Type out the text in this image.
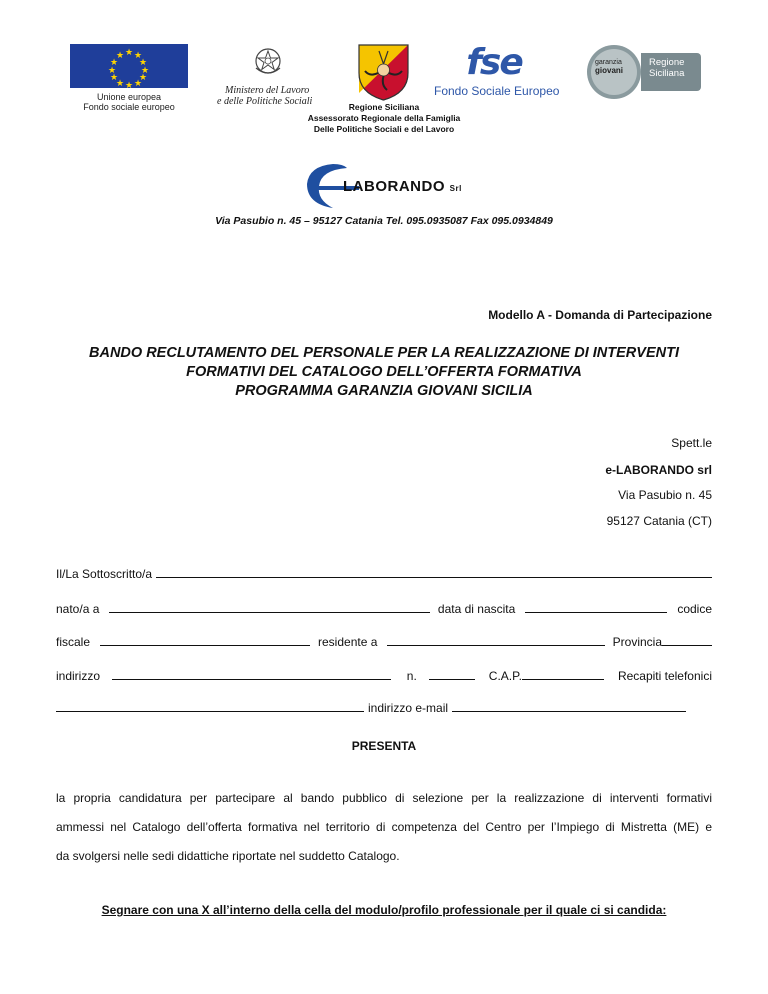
★ ★
★
★
★
★
★
★
★
★
★
★
Unione europea
Fondo sociale europeo
Ministero del Lavoro
e delle Politiche Sociali
fse
Fondo Sociale Europeo
garanzia
giovani
Regione
Siciliana
Regione Siciliana
Assessorato Regionale della Famiglia
Delle Politiche Sociali e del Lavoro
LABORANDO Srl
Via Pasubio n. 45 – 95127 Catania Tel. 095.0935087 Fax 095.0934849
Modello A - Domanda di Partecipazione
BANDO RECLUTAMENTO DEL PERSONALE PER LA REALIZZAZIONE DI INTERVENTI
FORMATIVI DEL CATALOGO DELL’OFFERTA FORMATIVA
PROGRAMMA GARANZIA GIOVANI SICILIA
Spett.le
e-LABORANDO srl
Via Pasubio n. 45
95127 Catania (CT)
Il/La Sottoscritto/a
nato/a a	data di nascita	codice
fiscale	residente a	Provincia
indirizzo	n.	C.A.P.	Recapiti telefonici
indirizzo e-mail
PRESENTA
la propria candidatura per partecipare al bando pubblico di selezione per la realizzazione di interventi formativi
ammessi nel Catalogo dell’offerta formativa nel territorio di competenza del Centro per l’Impiego di Mistretta (ME) e
da svolgersi nelle sedi didattiche riportate nel suddetto Catalogo.
Segnare con una X all’interno della cella del modulo/profilo professionale per il quale ci si candida:
